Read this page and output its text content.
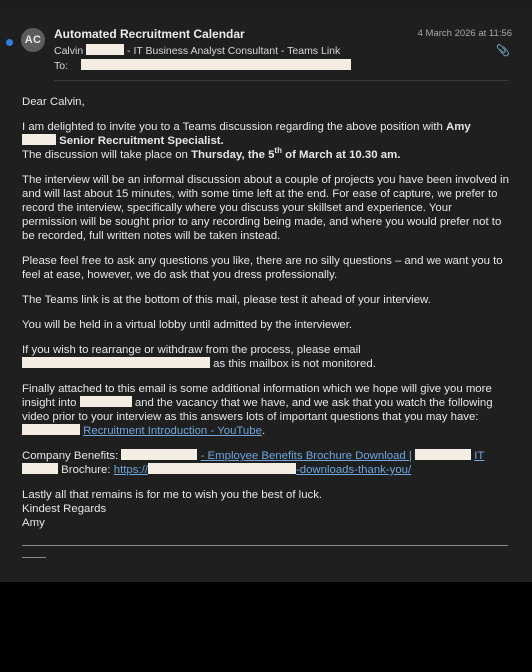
AC	Automated Recruitment Calendar	4 March 2026 at 11:56
Calvin	- IT Business Analyst Consultant - Teams Link	📎
To:

Dear Calvin,

I am delighted to invite you to a Teams discussion regarding the above position with Amy
Senior Recruitment Specialist.

The discussion will take place on Thursday, the 5th of March at 10.30 am.

The interview will be an informal discussion about a couple of projects you have been involved in and will last about 15 minutes, with some time left at the end. For ease of capture, we prefer to record the interview, specifically where you discuss your skillset and experience. Your permission will be sought prior to any recording being made, and where you would prefer not to be recorded, full written notes will be taken instead.

Please feel free to ask any questions you like, there are no silly questions – and we want you to feel at ease, however, we do ask that you dress professionally.

The Teams link is at the bottom of this mail, please test it ahead of your interview.

You will be held in a virtual lobby until admitted by the interviewer.

If you wish to rearrange or withdraw from the process, please email
as this mailbox is not monitored.

Finally attached to this email is some additional information which we hope will give you more insight into	and the vacancy that we have, and we ask that you watch the following video prior to your interview as this answers lots of important questions that you may have:  Recruitment Introduction - YouTube.

Company Benefits:	- Employee Benefits Brochure Download |	IT
Brochure: https://	-downloads-thank-you/

Lastly all that remains is for me to wish you the best of luck.

Kindest Regards

Amy
